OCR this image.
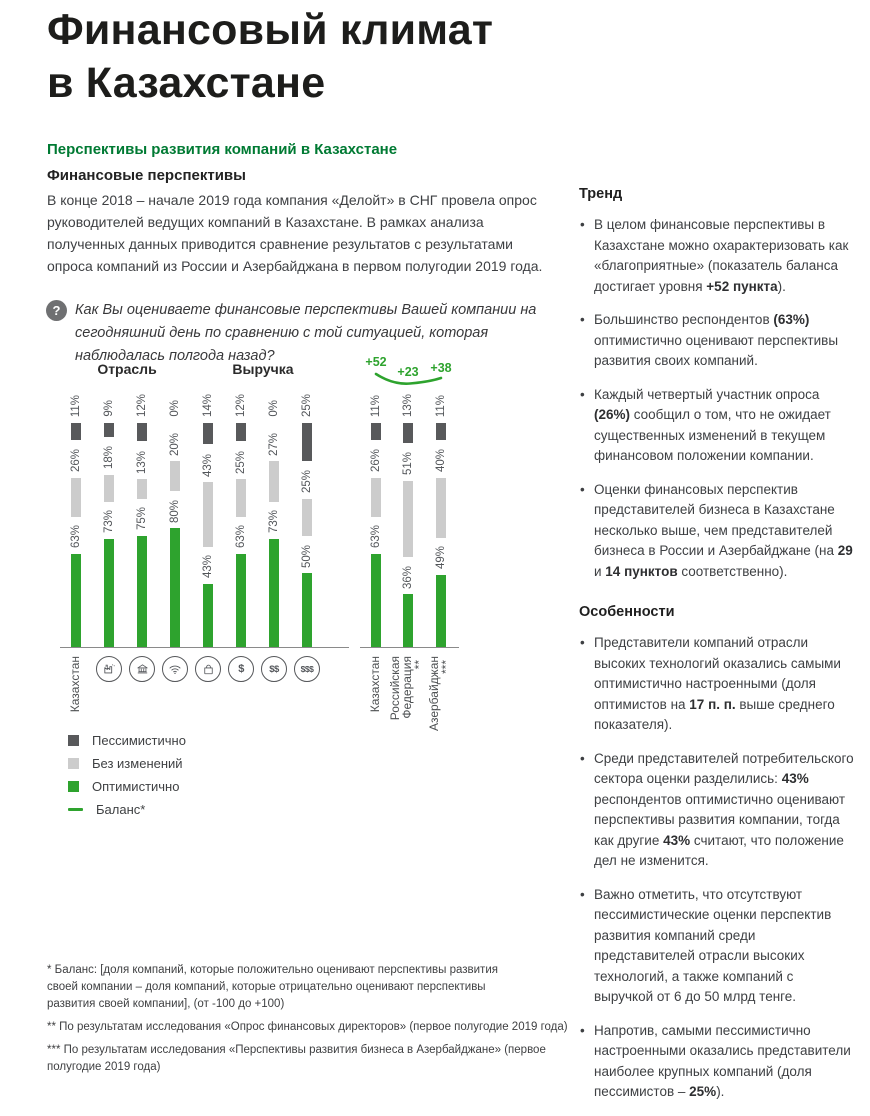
Финансовый климат
в Казахстане
Перспективы развития компаний в Казахстане
Финансовые перспективы

В конце 2018 – начале 2019 года компания «Делойт» в СНГ провела опрос руководителей ведущих компаний в Казахстане. В рамках анализа полученных данных приводится сравнение результатов с результатами опроса компаний из России и Азербайджана в первом полугодии 2019 года.

?	Как Вы оцениваете финансовые перспективы Вашей компании на сегодняшний день по сравнению с той ситуацией, которая наблюдалась полгода назад?
11%
26%
63%
9%
18%
73%
12%
13%
75%
0%
20%
80%
14%
43%
43%
12%
25%
63%
0%
27%
73%
25%
25%
50%
11%
26%
63%
13%
51%
36%
11%
40%
49%
Пессимистично
Без изменений
Оптимистично
Баланс*
Отрасль	Выручка
Казахстан	$	$$	$$$
+52
Казахстан
+23
Российская
Федерация
**
+38
Азербайджан
***

* Баланс: [доля компаний, которые положительно оценивают перспективы развития своей компании – доля компаний, которые отрицательно оценивают перспективы развития своей компании], (от -100 до +100)

** По результатам исследования «Опрос финансовых директоров» (первое полугодие 2019 года)

*** По результатам исследования «Перспективы развития бизнеса в Азербайджане» (первое полугодие 2019 года)

Тренд
• В целом финансовые перспективы в Казахстане можно охарактеризовать как «благоприятные» (показатель баланса достигает уровня +52 пункта).
• Большинство респондентов (63%) оптимистично оценивают перспективы развития своих компаний.
• Каждый четвертый участник опроса (26%) сообщил о том, что не ожидает существенных изменений в текущем финансовом положении компании.
• Оценки финансовых перспектив представителей бизнеса в Казахстане несколько выше, чем представителей бизнеса в России и Азербайджане (на 29 и 14 пунктов соответственно).
Особенности
• Представители компаний отрасли высоких технологий оказались самыми оптимистично настроенными (доля оптимистов на 17 п. п. выше среднего показателя).
• Среди представителей потребительского сектора оценки разделились: 43% респондентов оптимистично оценивают перспективы развития компании, тогда как другие 43% считают, что положение дел не изменится.
• Важно отметить, что отсутствуют пессимистические оценки перспектив развития компаний среди представителей отрасли высоких технологий, а также компаний с выручкой от 6 до 50 млрд тенге.
• Напротив, самыми пессимистично настроенными оказались представители наиболее крупных компаний (доля пессимистов – 25%).
